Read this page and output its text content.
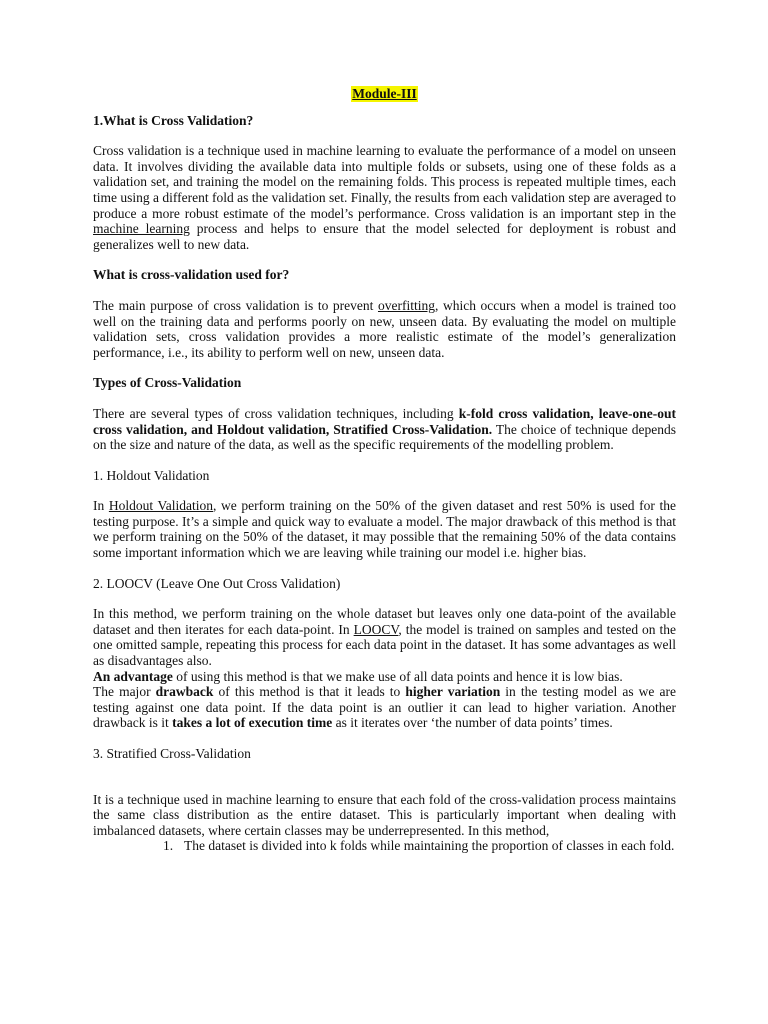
Module-III
1.What is Cross Validation?

Cross validation is a technique used in machine learning to evaluate the performance of a model on unseen data. It involves dividing the available data into multiple folds or subsets, using one of these folds as a validation set, and training the model on the remaining folds. This process is repeated multiple times, each time using a different fold as the validation set. Finally, the results from each validation step are averaged to produce a more robust estimate of the model’s performance. Cross validation is an important step in the machine learning process and helps to ensure that the model selected for deployment is robust and generalizes well to new data.

What is cross-validation used for?

The main purpose of cross validation is to prevent overfitting, which occurs when a model is trained too well on the training data and performs poorly on new, unseen data. By evaluating the model on multiple validation sets, cross validation provides a more realistic estimate of the model’s generalization performance, i.e., its ability to perform well on new, unseen data.

Types of Cross-Validation

There are several types of cross validation techniques, including k-fold cross validation, leave-one-out cross validation, and Holdout validation, Stratified Cross-Validation. The choice of technique depends on the size and nature of the data, as well as the specific requirements of the modelling problem.

1. Holdout Validation

In Holdout Validation, we perform training on the 50% of the given dataset and rest 50% is used for the testing purpose. It’s a simple and quick way to evaluate a model. The major drawback of this method is that we perform training on the 50% of the dataset, it may possible that the remaining 50% of the data contains some important information which we are leaving while training our model i.e. higher bias.

2. LOOCV (Leave One Out Cross Validation)

In this method, we perform training on the whole dataset but leaves only one data-point of the available dataset and then iterates for each data-point. In LOOCV, the model is trained on samples and tested on the one omitted sample, repeating this process for each data point in the dataset. It has some advantages as well as disadvantages also.

An advantage of using this method is that we make use of all data points and hence it is low bias.

The major drawback of this method is that it leads to higher variation in the testing model as we are testing against one data point. If the data point is an outlier it can lead to higher variation. Another drawback is it takes a lot of execution time as it iterates over ‘the number of data points’ times.

3. Stratified Cross-Validation

It is a technique used in machine learning to ensure that each fold of the cross-validation process maintains the same class distribution as the entire dataset. This is particularly important when dealing with imbalanced datasets, where certain classes may be underrepresented. In this method,

1. The dataset is divided into k folds while maintaining the proportion of classes in each fold.
